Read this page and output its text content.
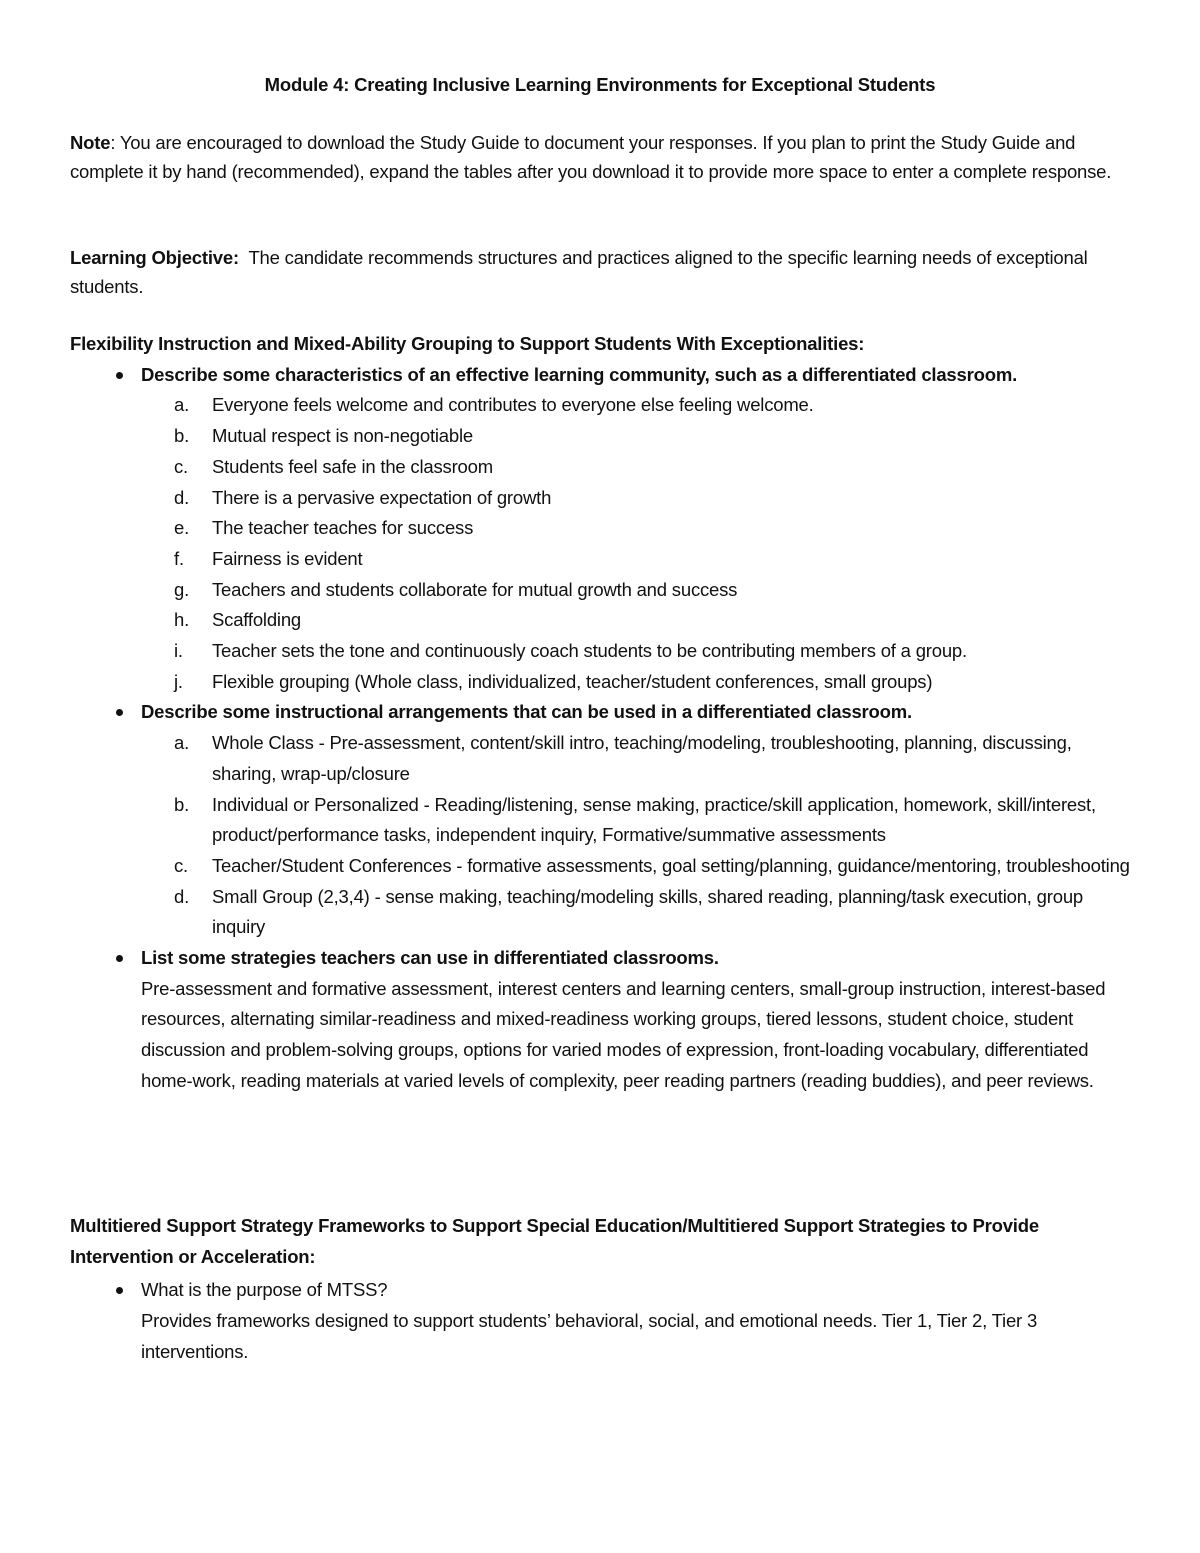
Module 4: Creating Inclusive Learning Environments for Exceptional Students
Note: You are encouraged to download the Study Guide to document your responses. If you plan to print the Study Guide and complete it by hand (recommended), expand the tables after you download it to provide more space to enter a complete response.
Learning Objective:  The candidate recommends structures and practices aligned to the specific learning needs of exceptional students.
Flexibility Instruction and Mixed-Ability Grouping to Support Students With Exceptionalities:
Describe some characteristics of an effective learning community, such as a differentiated classroom.
a. Everyone feels welcome and contributes to everyone else feeling welcome.
b. Mutual respect is non-negotiable
c. Students feel safe in the classroom
d. There is a pervasive expectation of growth
e. The teacher teaches for success
f. Fairness is evident
g. Teachers and students collaborate for mutual growth and success
h. Scaffolding
i. Teacher sets the tone and continuously coach students to be contributing members of a group.
j. Flexible grouping (Whole class, individualized, teacher/student conferences, small groups)
Describe some instructional arrangements that can be used in a differentiated classroom.
a. Whole Class - Pre-assessment, content/skill intro, teaching/modeling, troubleshooting, planning, discussing, sharing, wrap-up/closure
b. Individual or Personalized - Reading/listening, sense making, practice/skill application, homework, skill/interest, product/performance tasks, independent inquiry, Formative/summative assessments
c. Teacher/Student Conferences - formative assessments, goal setting/planning, guidance/mentoring, troubleshooting
d. Small Group (2,3,4) - sense making, teaching/modeling skills, shared reading, planning/task execution, group inquiry
List some strategies teachers can use in differentiated classrooms.
Pre-assessment and formative assessment, interest centers and learning centers, small-group instruction, interest-based resources, alternating similar-readiness and mixed-readiness working groups, tiered lessons, student choice, student discussion and problem-solving groups, options for varied modes of expression, front-loading vocabulary, differentiated home-work, reading materials at varied levels of complexity, peer reading partners (reading buddies), and peer reviews.
Multitiered Support Strategy Frameworks to Support Special Education/Multitiered Support Strategies to Provide Intervention or Acceleration:
What is the purpose of MTSS?
Provides frameworks designed to support students’ behavioral, social, and emotional needs. Tier 1, Tier 2, Tier 3 interventions.
